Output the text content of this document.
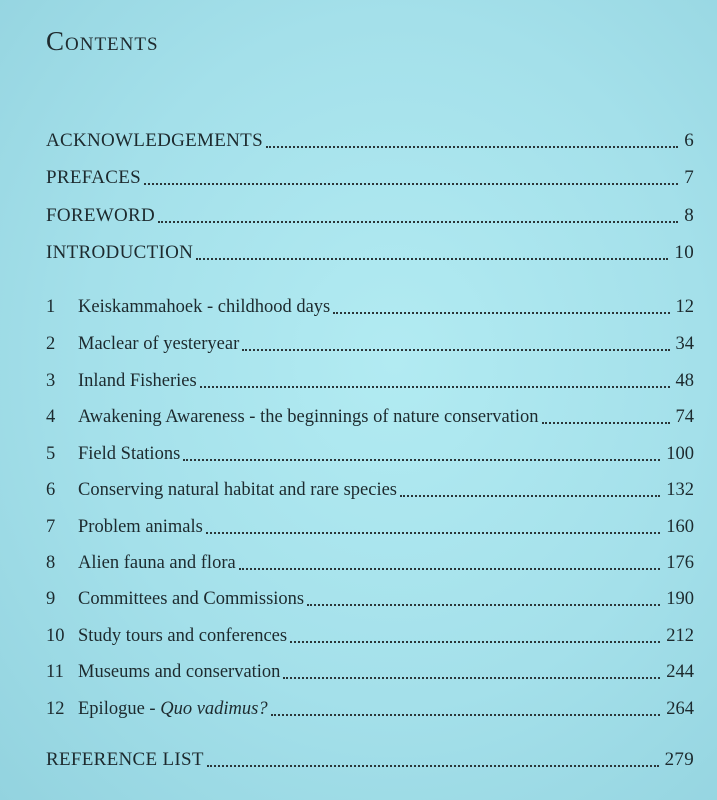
Contents
ACKNOWLEDGEMENTS	6
PREFACES	7
FOREWORD	8
INTRODUCTION	10
1	Keiskammahoek - childhood days	12
2	Maclear of yesteryear	34
3	Inland Fisheries	48
4	Awakening Awareness - the beginnings of nature conservation	74
5	Field Stations	100
6	Conserving natural habitat and rare species	132
7	Problem animals	160
8	Alien fauna and flora	176
9	Committees and Commissions	190
10 Study tours and conferences	212
11 Museums and conservation	244
12 Epilogue - Quo vadimus?	264
REFERENCE LIST	279
